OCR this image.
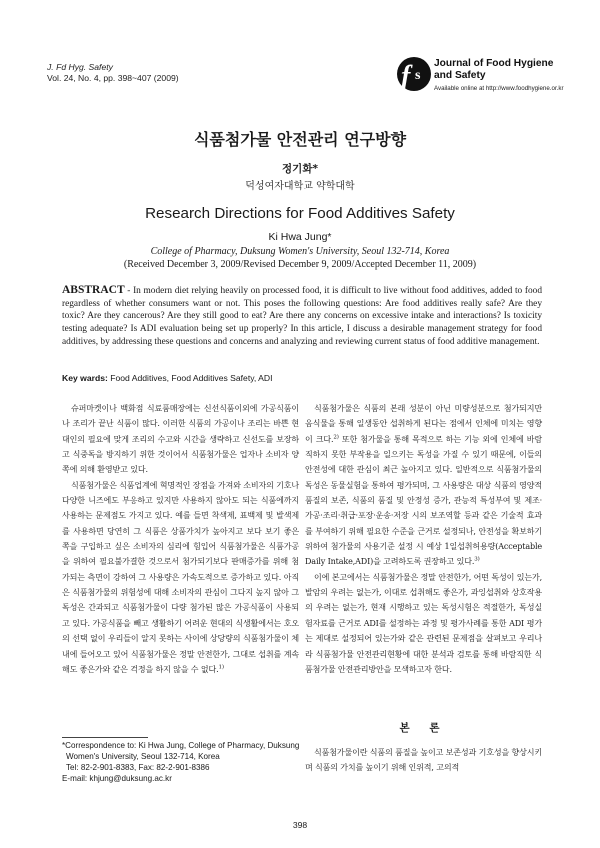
J. Fd Hyg. Safety
Vol. 24, No. 4, pp. 398~407 (2009)	f s
Journal of Food Hygiene
and Safety
Available online at http://www.foodhygiene.or.kr
식품첨가물 안전관리 연구방향
정기화*
덕성여자대학교 약학대학
Research Directions for Food Additives Safety
Ki Hwa Jung*
College of Pharmacy, Duksung Women's University, Seoul 132-714, Korea
(Received December 3, 2009/Revised December 9, 2009/Accepted December 11, 2009)
ABSTRACT - In modern diet relying heavily on processed food, it is difficult to live without food additives, added to food regardless of whether consumers want or not. This poses the following questions: Are food additives really safe? Are they toxic? Are they cancerous? Are they still good to eat? Are there any concerns on excessive intake and interactions? Is toxicity testing adequate? Is ADI evaluation being set up properly? In this article, I discuss a desirable management strategy for food additives, by addressing these questions and concerns and analyzing and reviewing current status of food additive management.
Key wards: Food Additives, Food Additives Safety, ADI

슈퍼마켓이나 백화점 식료품매장에는 신선식품이외에 가공식품이나 조리가 끝난 식품이 많다. 이러한 식품의 가공이나 조리는 바쁜 현대인의 필요에 맞게 조리의 수고와 시간을 생략하고 신선도를 보장하고 식중독을 방지하기 위한 것이어서 식품첨가물은 업자나 소비자 양쪽에 의해 환영받고 있다.

식품첨가물은 식품업계에 혁명적인 장점을 가져와 소비자의 기호나 다양한 니즈에도 부응하고 있지만 사용하지 않아도 되는 식품에까지 사용하는 문제점도 가지고 있다. 예를 들면 착색제, 표백제 및 발색제를 사용하면 당연히 그 식품은 상품가치가 높아지고 보다 보기 좋은 쪽을 구입하고 싶은 소비자의 심리에 힘입어 식품첨가물은 식품가공을 위하여 필요불가결한 것으로서 첨가되기보다 판매증가를 위해 첨가되는 측면이 강하여 그 사용량은 가속도적으로 증가하고 있다. 아직은 식품첨가물의 위험성에 대해 소비자의 관심이 그다지 높지 않아 그 독성은 간과되고 식품첨가물이 다량 첨가된 많은 가공식품이 사용되고 있다. 가공식품을 빼고 생활하기 어려운 현대의 식생활에서는 호오의 선택 없이 우리들이 알지 못하는 사이에 상당량의 식품첨가물이 체내에 들어오고 있어 식품첨가물은 정말 안전한가, 그대로 섭취를 계속해도 좋은가와 같은 걱정을 하지 않을 수 없다.$^{1)}$

*Correspondence to: Ki Hwa Jung, College of Pharmacy, Duksung
Women's University, Seoul 132-714, Korea
Tel: 82-2-901-8383, Fax: 82-2-901-8386
E-mail: khjung@duksung.ac.kr

식품첨가물은 식품의 본래 성분이 아닌 미량성분으로 첨가되지만 음식물을 통해 일생동안 섭취하게 된다는 점에서 인체에 미치는 영향이 크다.$^{2)}$ 또한 첨가물을 통해 목적으로 하는 기능 외에 인체에 바람직하지 못한 부작용을 일으키는 독성을 가질 수 있기 때문에, 이들의 안전성에 대한 관심이 최근 높아지고 있다. 일반적으로 식품첨가물의 독성은 동물실험을 통하여 평가되며, 그 사용량은 대상 식품의 영양적 품질의 보존, 식품의 품질 및 안정성 증가, 관능적 특성부여 및 제조·가공·조리·취급·포장·운송·저장 시의 보조역할 등과 같은 기술적 효과를 부여하기 위해 필요한 수준을 근거로 설정되나, 안전성을 확보하기 위하여 첨가물의 사용기준 설정 시 예상 1일섭취허용량(Acceptable Daily Intake,ADI)을 고려하도록 권장하고 있다.$^{3)}$

이에 본고에서는 식품첨가물은 정말 안전한가, 어떤 독성이 있는가, 발암의 우려는 없는가, 이대로 섭취해도 좋은가, 과잉섭취와 상호작용의 우려는 없는가, 현재 시행하고 있는 독성시험은 적절한가, 독성실험자료를 근거로 ADI를 설정하는 과정 및 평가사례를 통한 ADI 평가는 제대로 설정되어 있는가와 같은 관련된 문제점을 살펴보고 우리나라 식품첨가물 안전관리현황에 대한 분석과 검토를 통해 바람직한 식품첨가물 안전관리방안을 모색하고자 한다.

본 론

식품첨가물이란 식품의 품질을 높이고 보존성과 기호성을 향상시키며 식품의 가치를 높이기 위해 인위적, 고의적

398
